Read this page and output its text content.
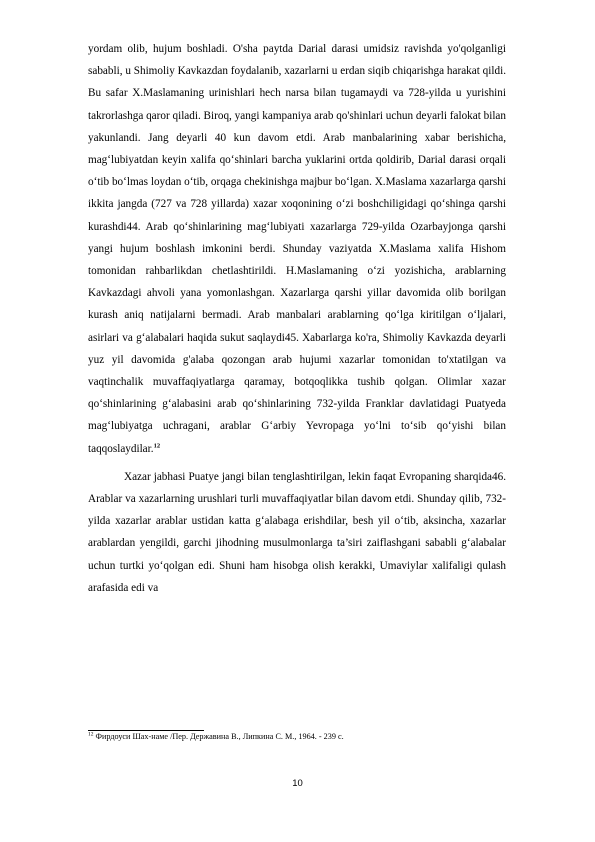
yordam olib, hujum boshladi. O'sha paytda Darial darasi umidsiz ravishda yo'qolganligi sababli, u Shimoliy Kavkazdan foydalanib, xazarlarni u erdan siqib chiqarishga harakat qildi. Bu safar X.Maslamaning urinishlari hech narsa bilan tugamaydi va 728-yilda u yurishini takrorlashga qaror qiladi. Biroq, yangi kampaniya arab qo'shinlari uchun deyarli falokat bilan yakunlandi. Jang deyarli 40 kun davom etdi. Arab manbalarining xabar berishicha, mag‘lubiyatdan keyin xalifa qo‘shinlari barcha yuklarini ortda qoldirib, Darial darasi orqali o‘tib bo‘lmas loydan o‘tib, orqaga chekinishga majbur bo‘lgan. X.Maslama xazarlarga qarshi ikkita jangda (727 va 728 yillarda) xazar xoqonining o‘zi boshchiligidagi qo‘shinga qarshi kurashdi44. Arab qo‘shinlarining mag‘lubiyati xazarlarga 729-yilda Ozarbayjonga qarshi yangi hujum boshlash imkonini berdi. Shunday vaziyatda X.Maslama xalifa Hishom tomonidan rahbarlikdan chetlashtirildi. H.Maslamaning o‘zi yozishicha, arablarning Kavkazdagi ahvoli yana yomonlashgan. Xazarlarga qarshi yillar davomida olib borilgan kurash aniq natijalarni bermadi. Arab manbalari arablarning qo‘lga kiritilgan o‘ljalari, asirlari va g‘alabalari haqida sukut saqlaydi45. Xabarlarga ko'ra, Shimoliy Kavkazda deyarli yuz yil davomida g'alaba qozongan arab hujumi xazarlar tomonidan to'xtatilgan va vaqtinchalik muvaffaqiyatlarga qaramay, botqoqlikka tushib qolgan. Olimlar xazar qo‘shinlarining g‘alabasini arab qo‘shinlarining 732-yilda Franklar davlatidagi Puatyeda mag‘lubiyatga uchragani, arablar G‘arbiy Yevropaga yo‘lni to‘sib qo‘yishi bilan taqqoslaydilar.$^{12}$

Xazar jabhasi Puatye jangi bilan tenglashtirilgan, lekin faqat Evropaning sharqida46. Arablar va xazarlarning urushlari turli muvaffaqiyatlar bilan davom etdi. Shunday qilib, 732-yilda xazarlar arablar ustidan katta g‘alabaga erishdilar, besh yil o‘tib, aksincha, xazarlar arablardan yengildi, garchi jihodning musulmonlarga ta’siri zaiflashgani sababli g‘alabalar uchun turtki yo‘qolgan edi. Shuni ham hisobga olish kerakki, Umaviylar xalifaligi qulash arafasida edi va

$^{12}$ Фирдоуси Шах-наме /Пер. Державина В., Липкина С. М., 1964. - 239 с.
10
